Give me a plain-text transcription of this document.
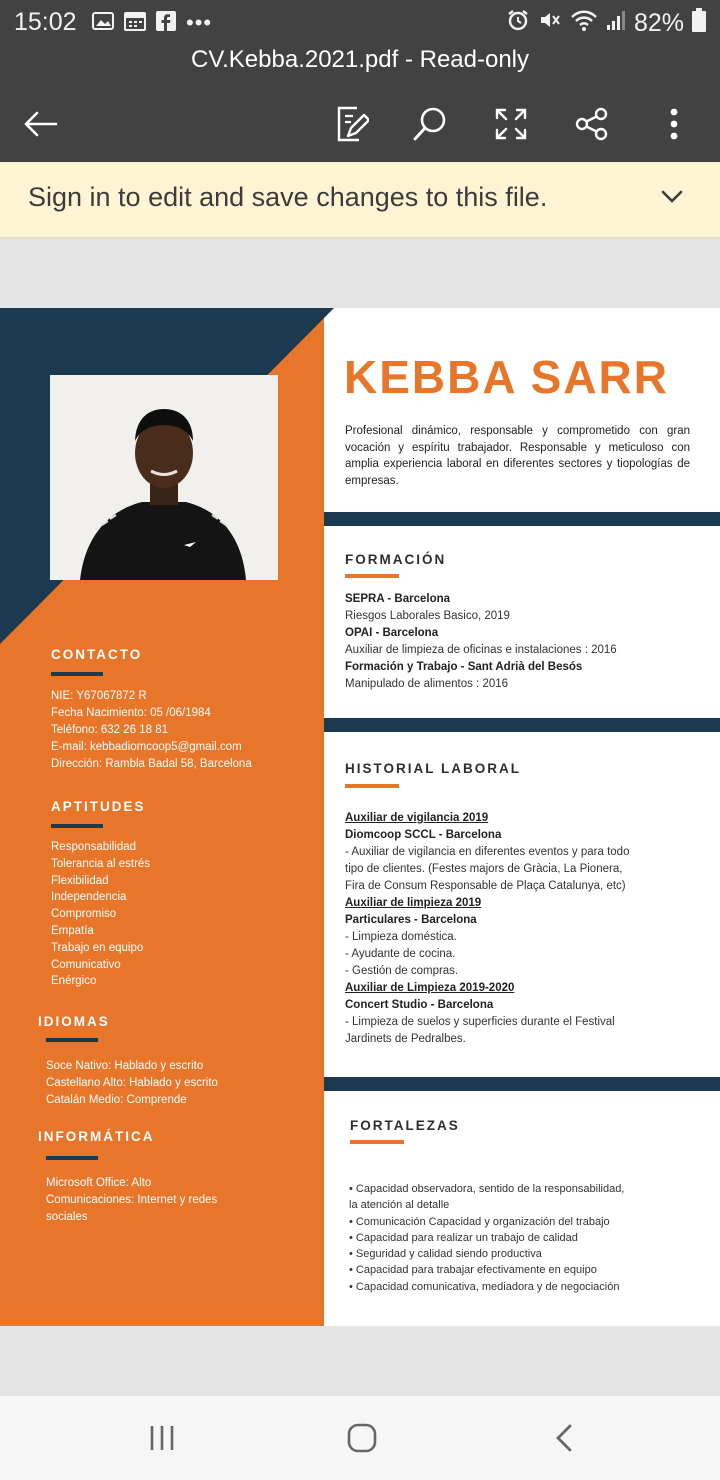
15:02	•••	82%
CV.Kebba.2021.pdf - Read-only
Sign in to edit and save changes to this file.
CONTACTO
NIE: Y67067872 R
Fecha Nacimiento: 05 /06/1984
Teléfono: 632 26 18 81
E-mail: kebbadiomcoop5@gmail.com
Dirección: Rambla Badal 58, Barcelona
APTITUDES
Responsabilidad
Tolerancia al estrés
Flexibilidad
Independencia
Compromiso
Empatía
Trabajo en equipo
Comunicativo
Enérgico
IDIOMAS
Soce Nativo: Hablado y escrito
Castellano Alto: Hablado y escrito
Catalán Medio: Comprende
INFORMÁTICA
Microsoft Office: Alto
Comunicaciones: Internet y redes
sociales
KEBBA SARR
Profesional dinámico, responsable y comprometido con gran vocación y espíritu trabajador. Responsable y meticuloso con amplia experiencia laboral en diferentes sectores y tiopologías de empresas.
FORMACIÓN
SEPRA - Barcelona
Riesgos Laborales Basico, 2019
OPAI - Barcelona
Auxiliar de limpieza de oficinas e instalaciones : 2016
Formación y Trabajo - Sant Adrià del Besós
Manipulado de alimentos : 2016
HISTORIAL LABORAL
Auxiliar de vigilancia 2019
Diomcoop SCCL - Barcelona
- Auxiliar de vigilancia en diferentes eventos y para todo
tipo de clientes. (Festes majors de Gràcia, La Pionera,
Fira de Consum Responsable de Plaça Catalunya, etc)
Auxiliar de limpieza 2019
Particulares - Barcelona
- Limpieza doméstica.
- Ayudante de cocina.
- Gestión de compras.
Auxiliar de Limpieza 2019-2020
Concert Studio - Barcelona
- Limpieza de suelos y superficies durante el Festival
Jardinets de Pedralbes.
FORTALEZAS
• Capacidad observadora, sentido de la responsabilidad,
la atención al detalle
• Comunicación Capacidad y organización del trabajo
• Capacidad para realizar un trabajo de calidad
• Seguridad y calidad siendo productiva
• Capacidad para trabajar efectivamente en equipo
• Capacidad comunicativa, mediadora y de negociación
